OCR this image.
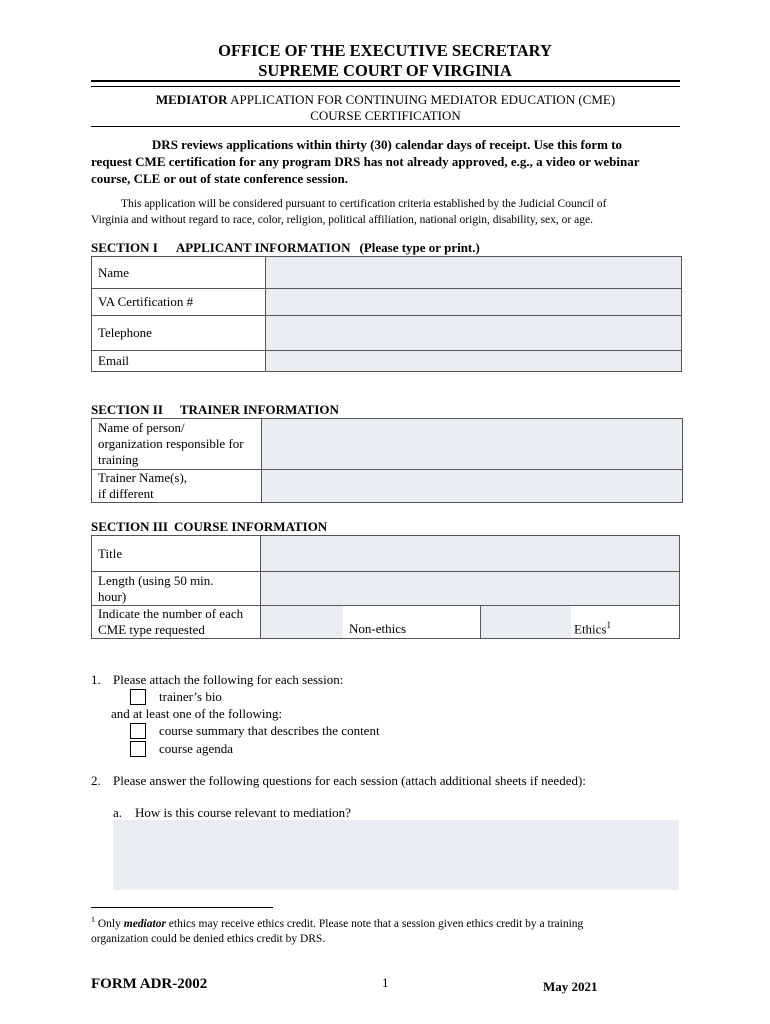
OFFICE OF THE EXECUTIVE SECRETARY
SUPREME COURT OF VIRGINIA
MEDIATOR APPLICATION FOR CONTINUING MEDIATOR EDUCATION (CME)
COURSE CERTIFICATION
DRS reviews applications within thirty (30) calendar days of receipt. Use this form to
request CME certification for any program DRS has not already approved, e.g., a video or webinar
course, CLE or out of state conference session.
This application will be considered pursuant to certification criteria established by the Judicial Council of
Virginia and without regard to race, color, religion, political affiliation, national origin, disability, sex, or age.
SECTION I APPLICANT INFORMATION (Please type or print.)
Name	
VA Certification #	
Telephone	
Email	
SECTION II TRAINER INFORMATION
Name of person/
organization responsible for
training	

Trainer Name(s),
if different	

SECTION III COURSE INFORMATION
Title				

Length (using 50 min.
hour)				

Indicate the number of each
CME type requested		Non-ethics		Ethics$^1$
1. Please attach the following for each session:
trainer’s bio
and at least one of the following:
course summary that describes the content
course agenda
2. Please answer the following questions for each session (attach additional sheets if needed):
a. How is this course relevant to mediation?
$^1$ Only mediator ethics may receive ethics credit. Please note that a session given ethics credit by a training
organization could be denied ethics credit by DRS.
FORM ADR-2002	1	May 2021
